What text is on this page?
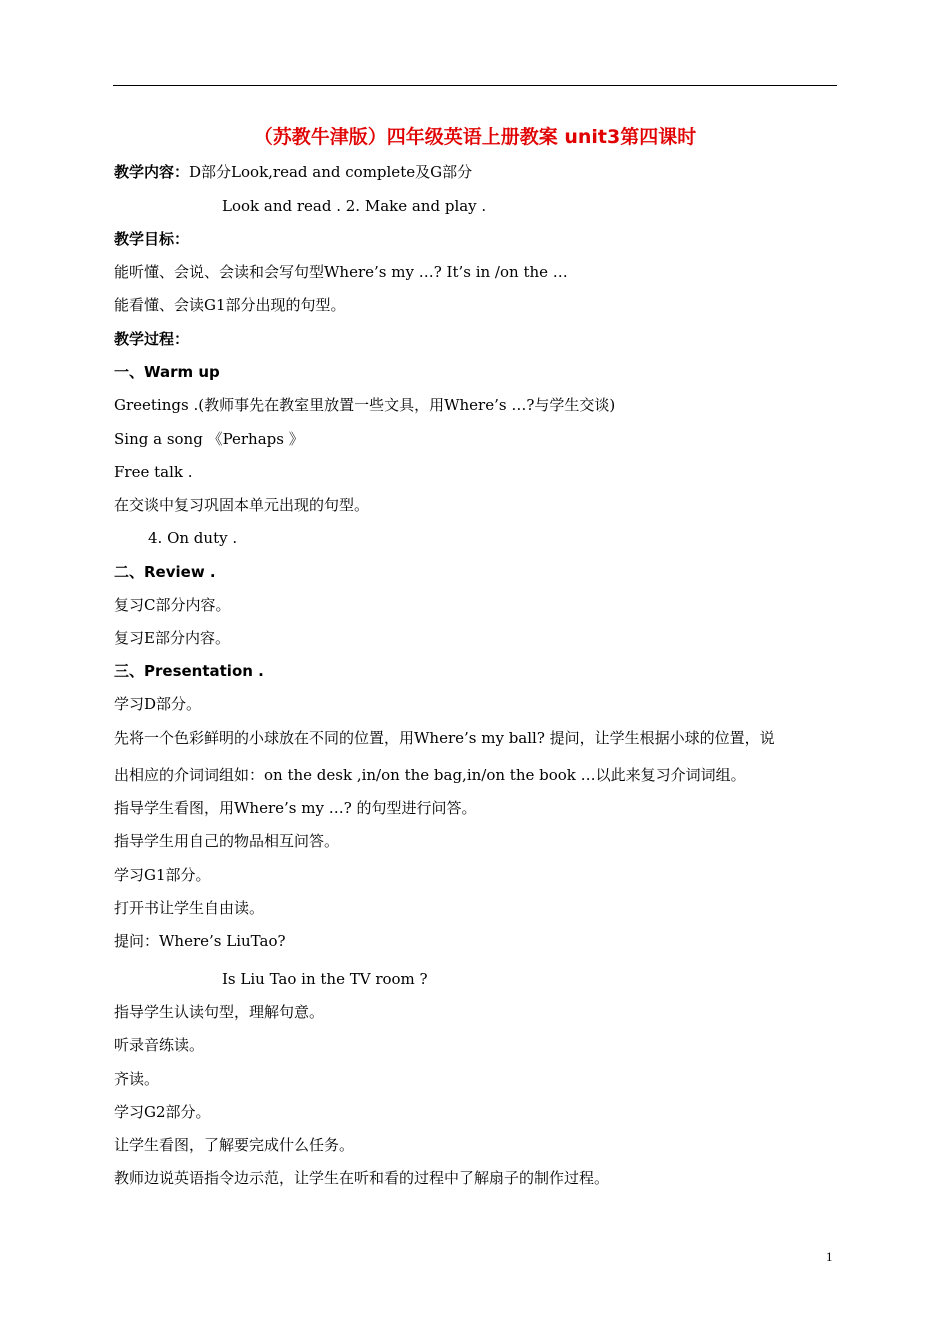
（苏教牛津版）四年级英语上册教案 unit3第四课时
教学内容：D部分Look,read and complete及G部分
Look and read . 2. Make and play .
教学目标：
能听懂、会说、会读和会写句型Where’s my …? It’s in /on the …
能看懂、会读G1部分出现的句型。
教学过程：
一、Warm up
Greetings .(教师事先在教室里放置一些文具，用Where’s …?与学生交谈)
Sing a song 《Perhaps 》
Free talk .
在交谈中复习巩固本单元出现的句型。
4. On duty .
二、Review .
复习C部分内容。
复习E部分内容。
三、Presentation .
学习D部分。
先将一个色彩鲜明的小球放在不同的位置，用Where’s my ball? 提问，让学生根据小球的位置，说
出相应的介词词组如：on the desk ,in/on the bag,in/on the book …以此来复习介词词组。
指导学生看图，用Where’s my …? 的句型进行问答。
指导学生用自己的物品相互问答。
学习G1部分。
打开书让学生自由读。
提问：Where’s LiuTao?
Is Liu Tao in the TV room ?
指导学生认读句型，理解句意。
听录音练读。
齐读。
学习G2部分。
让学生看图，了解要完成什么任务。
教师边说英语指令边示范，让学生在听和看的过程中了解扇子的制作过程。
1
